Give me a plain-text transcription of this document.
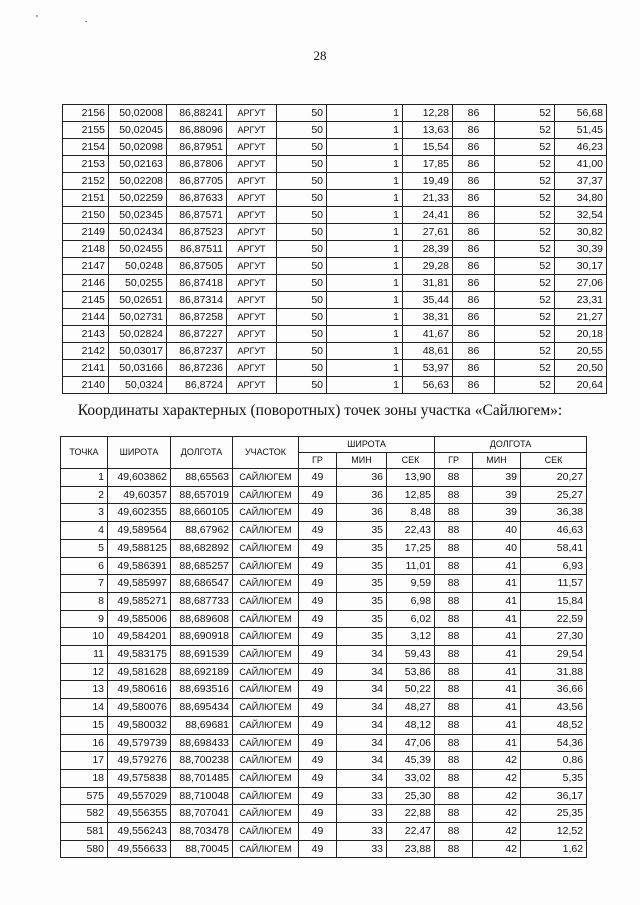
' .
28
2156	50,02008	86,88241	АРГУТ	50	1	12,28	86	52	56,68
2155	50,02045	86,88096	АРГУТ	50	1	13,63	86	52	51,45
2154	50,02098	86,87951	АРГУТ	50	1	15,54	86	52	46,23
2153	50,02163	86,87806	АРГУТ	50	1	17,85	86	52	41,00
2152	50,02208	86,87705	АРГУТ	50	1	19,49	86	52	37,37
2151	50,02259	86,87633	АРГУТ	50	1	21,33	86	52	34,80
2150	50,02345	86,87571	АРГУТ	50	1	24,41	86	52	32,54
2149	50,02434	86,87523	АРГУТ	50	1	27,61	86	52	30,82
2148	50,02455	86,87511	АРГУТ	50	1	28,39	86	52	30,39
2147	50,0248	86,87505	АРГУТ	50	1	29,28	86	52	30,17
2146	50,0255	86,87418	АРГУТ	50	1	31,81	86	52	27,06
2145	50,02651	86,87314	АРГУТ	50	1	35,44	86	52	23,31
2144	50,02731	86,87258	АРГУТ	50	1	38,31	86	52	21,27
2143	50,02824	86,87227	АРГУТ	50	1	41,67	86	52	20,18
2142	50,03017	86,87237	АРГУТ	50	1	48,61	86	52	20,55
2141	50,03166	86,87236	АРГУТ	50	1	53,97	86	52	20,50
2140	50,0324	86,8724	АРГУТ	50	1	56,63	86	52	20,64
Координаты характерных (поворотных) точек зоны участка «Сайлюгем»:
ТОЧКА	ШИРОТА	ДОЛГОТА	УЧАСТОК	ШИРОТА			ДОЛГОТА		
				ГР	МИН	СЕК	ГР	МИН	СЕК
1	49,603862	88,65563	САЙЛЮГЕМ	49	36	13,90	88	39	20,27
2	49,60357	88,657019	САЙЛЮГЕМ	49	36	12,85	88	39	25,27
3	49,602355	88,660105	САЙЛЮГЕМ	49	36	8,48	88	39	36,38
4	49,589564	88,67962	САЙЛЮГЕМ	49	35	22,43	88	40	46,63
5	49,588125	88,682892	САЙЛЮГЕМ	49	35	17,25	88	40	58,41
6	49,586391	88,685257	САЙЛЮГЕМ	49	35	11,01	88	41	6,93
7	49,585997	88,686547	САЙЛЮГЕМ	49	35	9,59	88	41	11,57
8	49,585271	88,687733	САЙЛЮГЕМ	49	35	6,98	88	41	15,84
9	49,585006	88,689608	САЙЛЮГЕМ	49	35	6,02	88	41	22,59
10	49,584201	88,690918	САЙЛЮГЕМ	49	35	3,12	88	41	27,30
11	49,583175	88,691539	САЙЛЮГЕМ	49	34	59,43	88	41	29,54
12	49,581628	88,692189	САЙЛЮГЕМ	49	34	53,86	88	41	31,88
13	49,580616	88,693516	САЙЛЮГЕМ	49	34	50,22	88	41	36,66
14	49,580076	88,695434	САЙЛЮГЕМ	49	34	48,27	88	41	43,56
15	49,580032	88,69681	САЙЛЮГЕМ	49	34	48,12	88	41	48,52
16	49,579739	88,698433	САЙЛЮГЕМ	49	34	47,06	88	41	54,36
17	49,579276	88,700238	САЙЛЮГЕМ	49	34	45,39	88	42	0,86
18	49,575838	88,701485	САЙЛЮГЕМ	49	34	33,02	88	42	5,35
575	49,557029	88,710048	САЙЛЮГЕМ	49	33	25,30	88	42	36,17
582	49,556355	88,707041	САЙЛЮГЕМ	49	33	22,88	88	42	25,35
581	49,556243	88,703478	САЙЛЮГЕМ	49	33	22,47	88	42	12,52
580	49,556633	88,70045	САЙЛЮГЕМ	49	33	23,88	88	42	1,62
